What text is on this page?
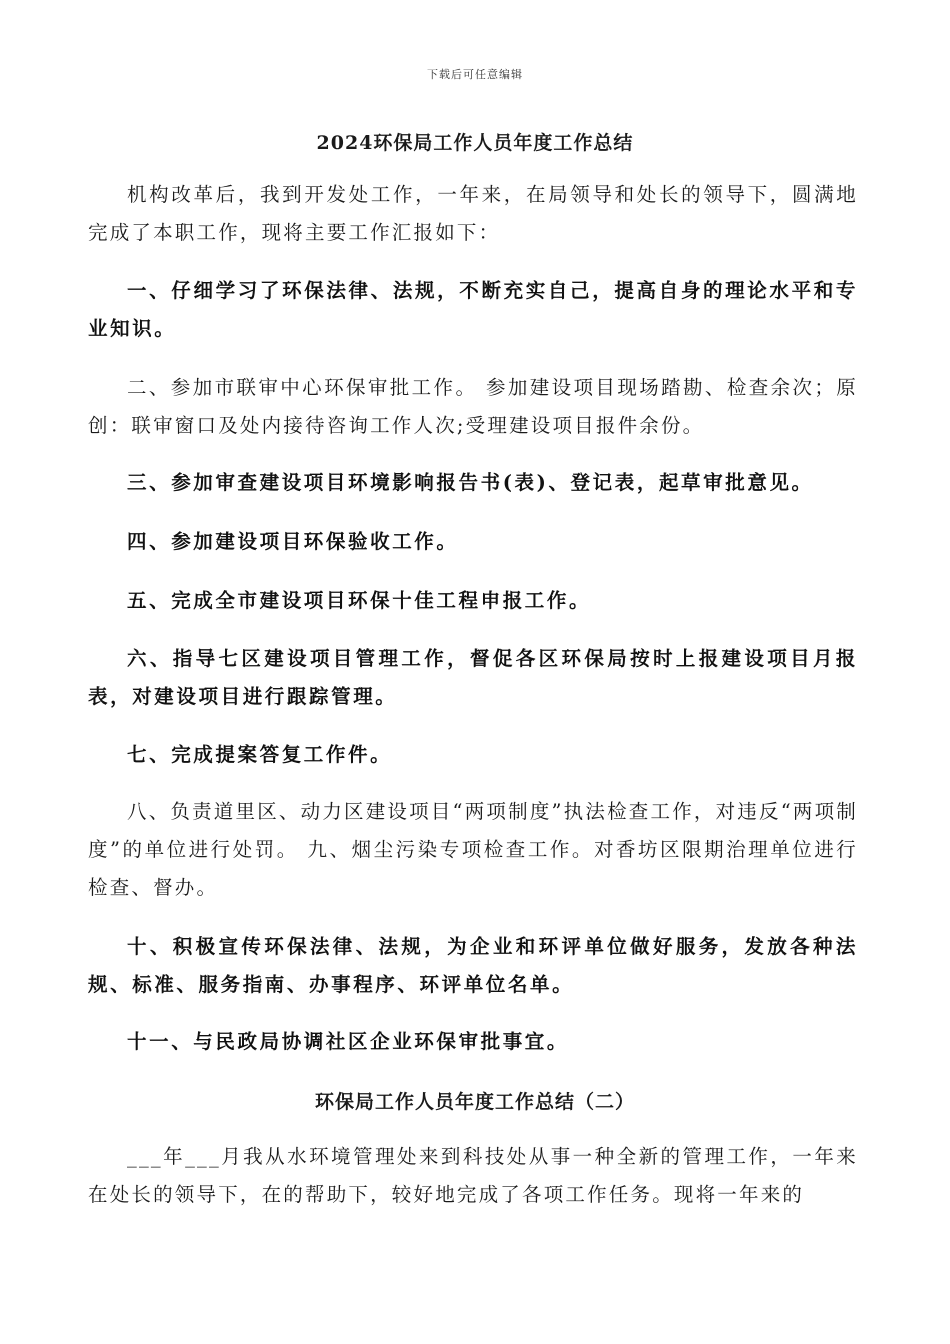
下载后可任意编辑
2024环保局工作人员年度工作总结

机构改革后，我到开发处工作，一年来，在局领导和处长的领导下，圆满地完成了本职工作，现将主要工作汇报如下：

一、仔细学习了环保法律、法规，不断充实自己，提高自身的理论水平和专业知识。

二、参加市联审中心环保审批工作。 参加建设项目现场踏勘、检查余次；原创：联审窗口及处内接待咨询工作人次;受理建设项目报件余份。

三、参加审查建设项目环境影响报告书(表)、登记表，起草审批意见。

四、参加建设项目环保验收工作。

五、完成全市建设项目环保十佳工程申报工作。

六、指导七区建设项目管理工作，督促各区环保局按时上报建设项目月报表，对建设项目进行跟踪管理。

七、完成提案答复工作件。

八、负责道里区、动力区建设项目“两项制度”执法检查工作，对违反“两项制度”的单位进行处罚。 九、烟尘污染专项检查工作。对香坊区限期治理单位进行检查、督办。

十、积极宣传环保法律、法规，为企业和环评单位做好服务，发放各种法规、标准、服务指南、办事程序、环评单位名单。

十一、与民政局协调社区企业环保审批事宜。

环保局工作人员年度工作总结（二）

___年___月我从水环境管理处来到科技处从事一种全新的管理工作，一年来在处长的领导下，在的帮助下，较好地完成了各项工作任务。现将一年来的
